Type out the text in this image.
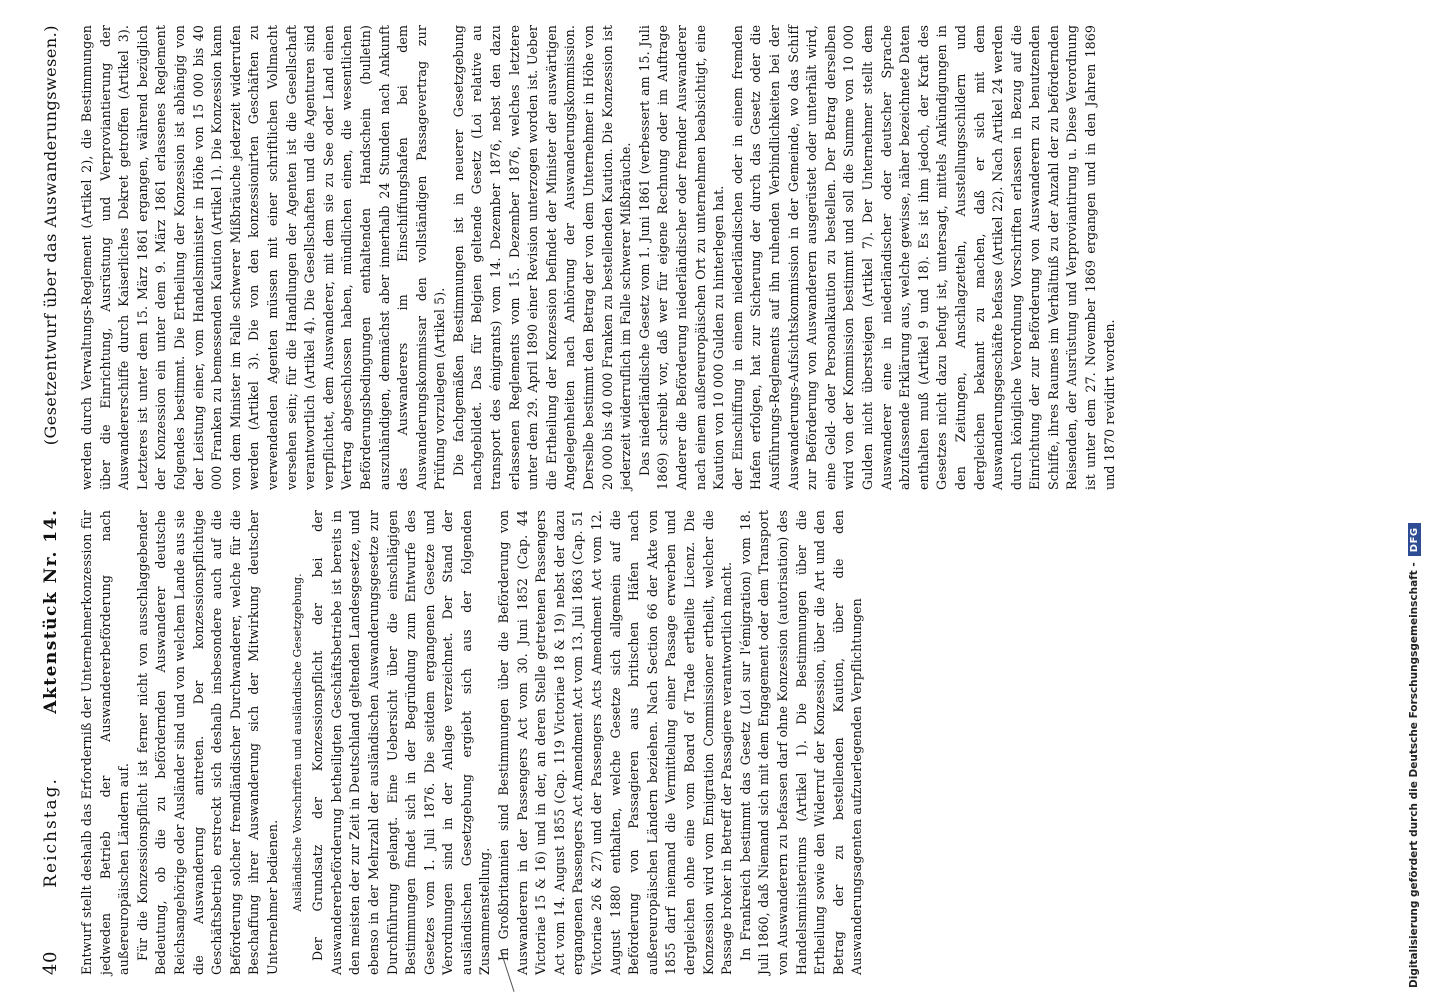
40
Reichstag.
Aktenstück Nr. 14.
(Gesetzentwurf über das Auswanderungswesen.)

Entwurf stellt deshalb das Erforderniß der Unternehmerkonzession für jedweden Betrieb der Auswandererbeförderung nach außereuropäischen Ländern auf. Für die Konzessionspflicht ist ferner nicht von ausschlaggebender Bedeutung, ob die zu befördernden Auswanderer deutsche Reichsangehörige oder Ausländer sind und von welchem Lande aus sie die Auswanderung antreten. Der konzessionspflichtige Geschäftsbetrieb erstreckt sich deshalb insbesondere auch auf die Beförderung solcher fremdländischer Durchwanderer, welche für die Beschaffung ihrer Auswanderung sich der Mitwirkung deutscher Unternehmer bedienen. Ausländische Vorschriften und ausländische Gesetzgebung. Der Grundsatz der Konzessionspflicht der bei der Auswandererbeförderung betheiligten Geschäftsbetriebe ist bereits in den meisten der zur Zeit in Deutschland geltenden Landesgesetze, und ebenso in der Mehrzahl der ausländischen Auswanderungsgesetze zur Durchführung gelangt. Eine Uebersicht über die einschlägigen Bestimmungen findet sich in der Begründung zum Entwurfe des Gesetzes vom 1. Juli 1876. Die seitdem ergangenen Gesetze und Verordnungen sind in der Anlage verzeichnet. Der Stand der ausländischen Gesetzgebung ergiebt sich aus der folgenden Zusammenstellung. In Großbritannien sind Bestimmungen über die Beförderung von Auswanderern in der Passengers Act vom 30. Juni 1852 (Cap. 44 Victoriae 15 & 16) und in der, an deren Stelle getretenen Passengers Act vom 14. August 1855 (Cap. 119 Victoriae 18 & 19) nebst der dazu ergangenen Passengers Act Amendment Act vom 13. Juli 1863 (Cap. 51 Victoriae 26 & 27) und der Passengers Acts Amendment Act vom 12. August 1880 enthalten, welche Gesetze sich allgemein auf die Beförderung von Passagieren aus britischen Häfen nach außereuropäischen Ländern beziehen. Nach Section 66 der Akte von 1855 darf niemand die Vermittelung einer Passage erwerben und dergleichen ohne eine vom Board of Trade ertheilte Licenz. Die Konzession wird vom Emigration Commissioner ertheilt, welcher die Passage broker in Betreff der Passagiere verantwortlich macht. In Frankreich bestimmt das Gesetz (Loi sur l'émigration) vom 18. Juli 1860, daß Niemand sich mit dem Engagement oder dem Transport von Auswanderern zu befassen darf ohne Konzession (autorisation) des Handelsministeriums (Artikel 1). Die Bestimmungen über die Ertheilung sowie den Widerruf der Konzession, über die Art und den Betrag der zu bestellenden Kaution, über die den Auswanderungsagenten aufzuerlegenden Verpflichtungen

werden durch Verwaltungs-Reglement (Artikel 2), die Bestimmungen über die Einrichtung, Ausrüstung und Verproviantierung der Auswandererschiffe durch Kaiserliches Dekret getroffen (Artikel 3). Letzteres ist unter dem 15. März 1861 ergangen, während bezüglich der Konzession ein unter dem 9. März 1861 erlassenes Reglement folgendes bestimmt. Die Ertheilung der Konzession ist abhängig von der Leistung einer, vom Handelsminister in Höhe von 15 000 bis 40 000 Franken zu bemessenden Kaution (Artikel 1). Die Konzession kann von dem Minister im Falle schwerer Mißbräuche jederzeit widerrufen werden (Artikel 3). Die von den konzessionirten Geschäften zu verwendenden Agenten müssen mit einer schriftlichen Vollmacht versehen sein; für die Handlungen der Agenten ist die Gesellschaft verantwortlich (Artikel 4). Die Gesellschaften und die Agenturen sind verpflichtet, dem Auswanderer, mit dem sie zu See oder Land einen Vertrag abgeschlossen haben, mündlichen einen, die wesentlichen Beförderungsbedingungen enthaltenden Handschein (bulletin) auszuhändigen, demnächst aber innerhalb 24 Stunden nach Ankunft des Auswanderers im Einschiffungshafen bei dem Auswanderungskommissar den vollständigen Passagevertrag zur Prüfung vorzulegen (Artikel 5). Die fachgemäßen Bestimmungen ist in neuerer Gesetzgebung nachgebildet. Das für Belgien geltende Gesetz (Loi relative au transport des émigrants) vom 14. Dezember 1876, nebst den dazu erlassenen Reglements vom 15. Dezember 1876, welches letztere unter dem 29. April 1890 einer Revision unterzogen worden ist. Ueber die Ertheilung der Konzession befindet der Minister der auswärtigen Angelegenheiten nach Anhörung der Auswanderungskommission. Derselbe bestimmt den Betrag der von dem Unternehmer in Höhe von 20 000 bis 40 000 Franken zu bestellenden Kaution. Die Konzession ist jederzeit widerruflich im Falle schwerer Mißbräuche. Das niederländische Gesetz vom 1. Juni 1861 (verbessert am 15. Juli 1869) schreibt vor, daß wer für eigene Rechnung oder im Auftrage Anderer die Beförderung niederländischer oder fremder Auswanderer nach einem außereuropäischen Ort zu unternehmen beabsichtigt, eine Kaution von 10 000 Gulden zu hinterlegen hat. der Einschiffung in einem niederländischen oder in einem fremden Hafen erfolgen, hat zur Sicherung der durch das Gesetz oder die Ausführungs-Reglements auf ihn ruhenden Verbindlichkeiten bei der Auswanderungs-Aufsichtskommission in der Gemeinde, wo das Schiff zur Beförderung von Auswanderern ausgerüstet oder unterhält wird, eine Geld- oder Personalkaution zu bestellen. Der Betrag derselben wird von der Kommission bestimmt und soll die Summe von 10 000 Gulden nicht übersteigen (Artikel 7). Der Unternehmer stellt dem Auswanderer eine in niederländischer oder deutscher Sprache abzufassende Erklärung aus, welche gewisse, näher bezeichnete Daten enthalten muß (Artikel 9 und 18). Es ist ihm jedoch, der Kraft des Gesetzes nicht dazu befugt ist, untersagt, mittels Ankündigungen in den Zeitungen, Anschlagzetteln, Ausstellungsschildern und dergleichen bekannt zu machen, daß er sich mit dem Auswanderungsgeschäfte befasse (Artikel 22). Nach Artikel 24 werden durch königliche Verordnung Vorschriften erlassen in Bezug auf die Einrichtung der zur Beförderung von Auswanderern zu benutzenden Schiffe, ihres Raumes im Verhältniß zu der Anzahl der zu befördernden Reisenden, der Ausrüstung und Verproviantirung u. Diese Verordnung ist unter dem 27. November 1869 ergangen und in den Jahren 1869 und 1870 revidirt worden.

Digitalisierung gefördert durch die Deutsche Forschungsgemeinschaft -
DFG
